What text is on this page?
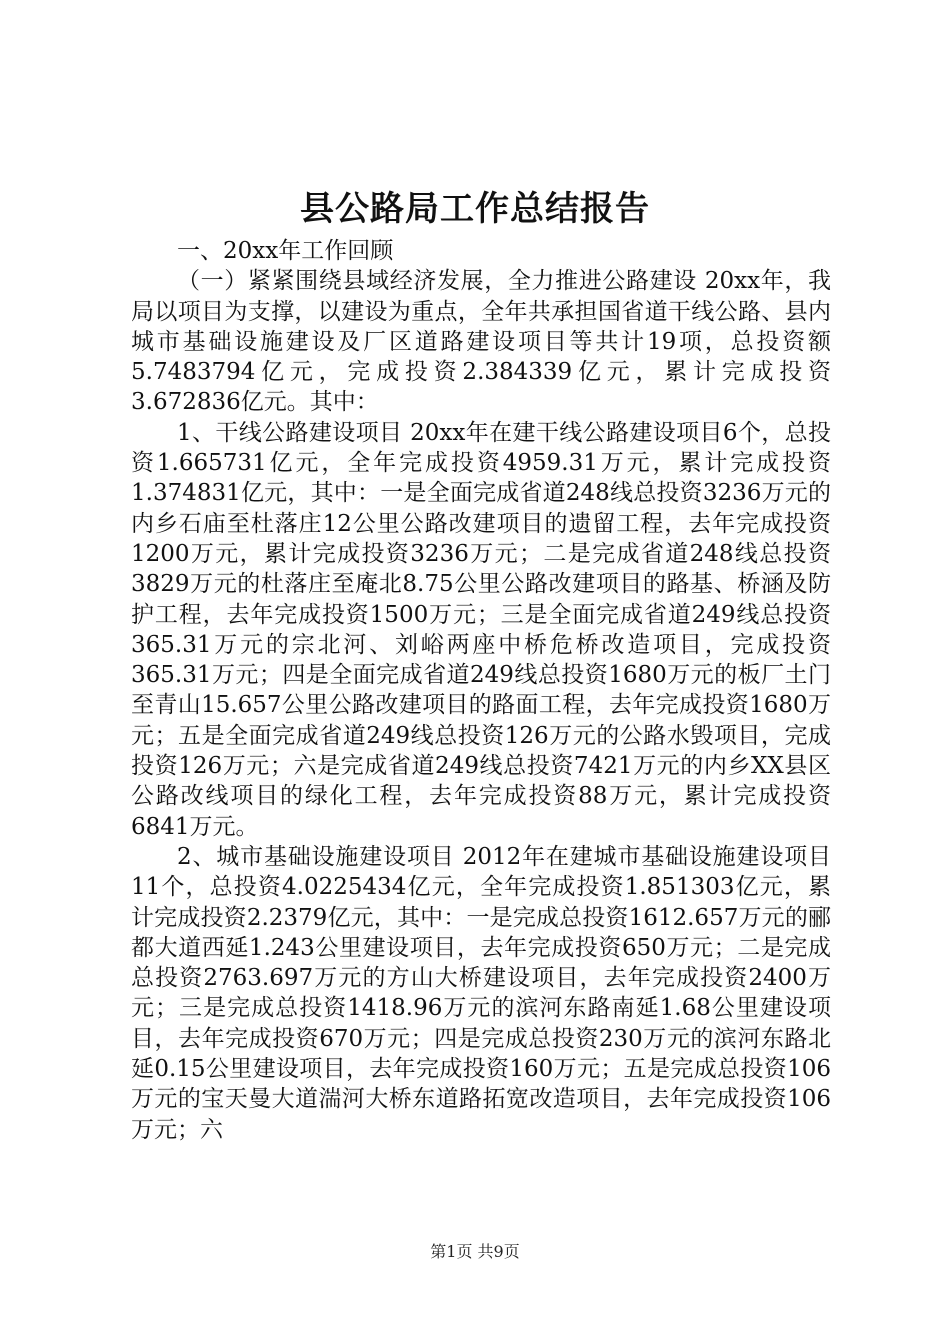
县公路局工作总结报告

一、20xx年工作回顾

（一）紧紧围绕县域经济发展，全力推进公路建设 20xx年，我局以项目为支撑，以建设为重点，全年共承担国省道干线公路、县内城市基础设施建设及厂区道路建设项目等共计19项，总投资额5.7483794亿元，完成投资2.384339亿元，累计完成投资3.672836亿元。其中：

1、干线公路建设项目 20xx年在建干线公路建设项目6个，总投资1.665731亿元，全年完成投资4959.31万元，累计完成投资1.374831亿元，其中：一是全面完成省道248线总投资3236万元的内乡石庙至杜落庄12公里公路改建项目的遗留工程，去年完成投资1200万元，累计完成投资3236万元；二是完成省道248线总投资3829万元的杜落庄至庵北8.75公里公路改建项目的路基、桥涵及防护工程，去年完成投资1500万元；三是全面完成省道249线总投资365.31万元的宗北河、刘峪两座中桥危桥改造项目，完成投资365.31万元；四是全面完成省道249线总投资1680万元的板厂土门至青山15.657公里公路改建项目的路面工程，去年完成投资1680万元；五是全面完成省道249线总投资126万元的公路水毁项目，完成投资126万元；六是完成省道249线总投资7421万元的内乡XX县区公路改线项目的绿化工程，去年完成投资88万元，累计完成投资6841万元。

2、城市基础设施建设项目 2012年在建城市基础设施建设项目11个，总投资4.0225434亿元，全年完成投资1.851303亿元，累计完成投资2.2379亿元，其中：一是完成总投资1612.657万元的郦都大道西延1.243公里建设项目，去年完成投资650万元；二是完成总投资2763.697万元的方山大桥建设项目，去年完成投资2400万元；三是完成总投资1418.96万元的滨河东路南延1.68公里建设项目，去年完成投资670万元；四是完成总投资230万元的滨河东路北延0.15公里建设项目，去年完成投资160万元；五是完成总投资106万元的宝天曼大道湍河大桥东道路拓宽改造项目，去年完成投资106万元；六

第1页 共9页
